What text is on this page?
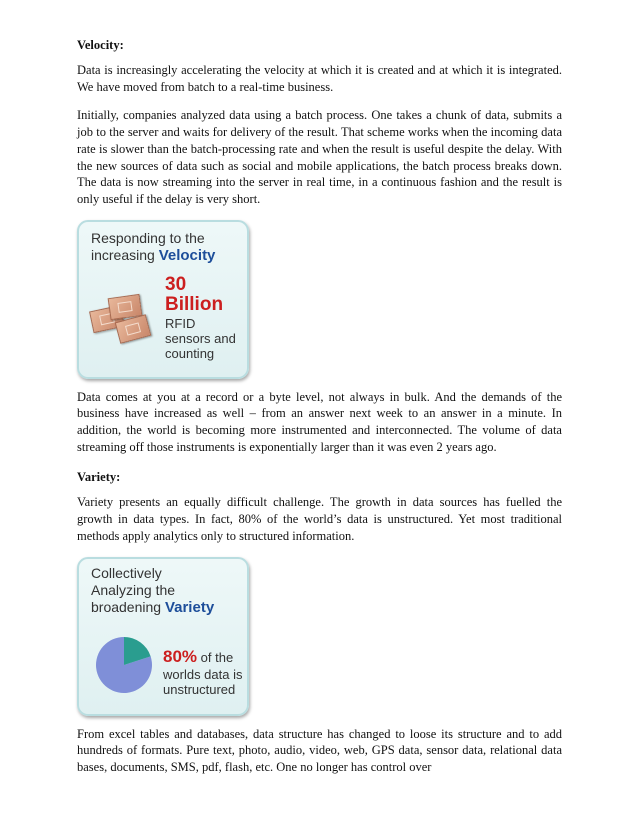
Velocity:

Data is increasingly accelerating the velocity at which it is created and at which it is integrated. We have moved from batch to a real-time business.

Initially, companies analyzed data using a batch process. One takes a chunk of data, submits a job to the server and waits for delivery of the result. That scheme works when the incoming data rate is slower than the batch-processing rate and when the result is useful despite the delay. With the new sources of data such as social and mobile applications, the batch process breaks down. The data is now streaming into the server in real time, in a continuous fashion and the result is only useful if the delay is very short.

Responding to the
increasing Velocity
30
Billion
RFID
sensors and
counting

Data comes at you at a record or a byte level, not always in bulk. And the demands of the business have increased as well – from an answer next week to an answer in a minute. In addition, the world is becoming more instrumented and interconnected. The volume of data streaming off those instruments is exponentially larger than it was even 2 years ago.

Variety:

Variety presents an equally difficult challenge. The growth in data sources has fuelled the growth in data types. In fact, 80% of the world’s data is unstructured. Yet most traditional methods apply analytics only to structured information.

Collectively
Analyzing the
broadening Variety
80% of the
worlds data is
unstructured

From excel tables and databases, data structure has changed to loose its structure and to add hundreds of formats. Pure text, photo, audio, video, web, GPS data, sensor data, relational data bases, documents, SMS, pdf, flash, etc. One no longer has control over
